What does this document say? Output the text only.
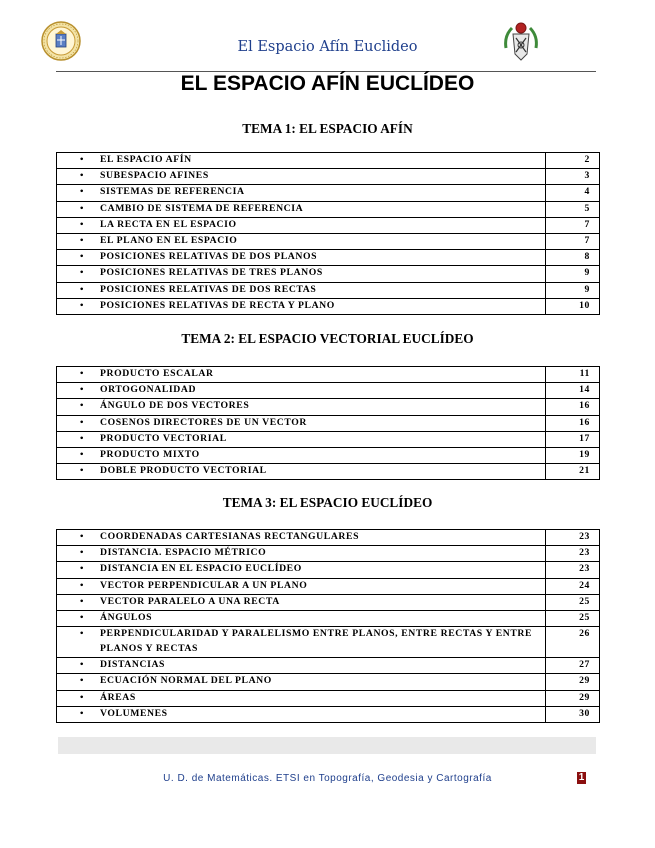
El Espacio Afín Euclideo
EL ESPACIO AFÍN EUCLÍDEO
TEMA 1: EL ESPACIO AFÍN
• EL ESPACIO AFÍN	2

• SUBESPACIO AFINES	3

• SISTEMAS DE REFERENCIA	4

• CAMBIO DE SISTEMA DE REFERENCIA	5

• LA RECTA EN EL ESPACIO	7

• EL PLANO EN EL ESPACIO	7

• POSICIONES RELATIVAS DE DOS PLANOS	8

• POSICIONES RELATIVAS DE TRES PLANOS	9

• POSICIONES RELATIVAS DE DOS RECTAS	9

• POSICIONES RELATIVAS DE RECTA Y PLANO	10
TEMA 2: EL ESPACIO VECTORIAL EUCLÍDEO
• PRODUCTO ESCALAR	11

• ORTOGONALIDAD	14

• ÁNGULO DE DOS VECTORES	16

• COSENOS DIRECTORES DE UN VECTOR	16

• PRODUCTO VECTORIAL	17

• PRODUCTO MIXTO	19

• DOBLE PRODUCTO VECTORIAL	21
TEMA 3: EL ESPACIO EUCLÍDEO
• COORDENADAS CARTESIANAS RECTANGULARES	23

• DISTANCIA. ESPACIO MÉTRICO	23

• DISTANCIA EN EL ESPACIO EUCLÍDEO	23

• VECTOR PERPENDICULAR A UN PLANO	24

• VECTOR PARALELO A UNA RECTA	25

• ÁNGULOS	25

• PERPENDICULARIDAD Y PARALELISMO ENTRE PLANOS, ENTRE RECTAS Y ENTRE PLANOS Y RECTAS	26

• DISTANCIAS	27

• ECUACIÓN NORMAL DEL PLANO	29

• ÁREAS	29

• VOLUMENES	30
U. D. de Matemáticas. ETSI en Topografía, Geodesia y Cartografía	1
